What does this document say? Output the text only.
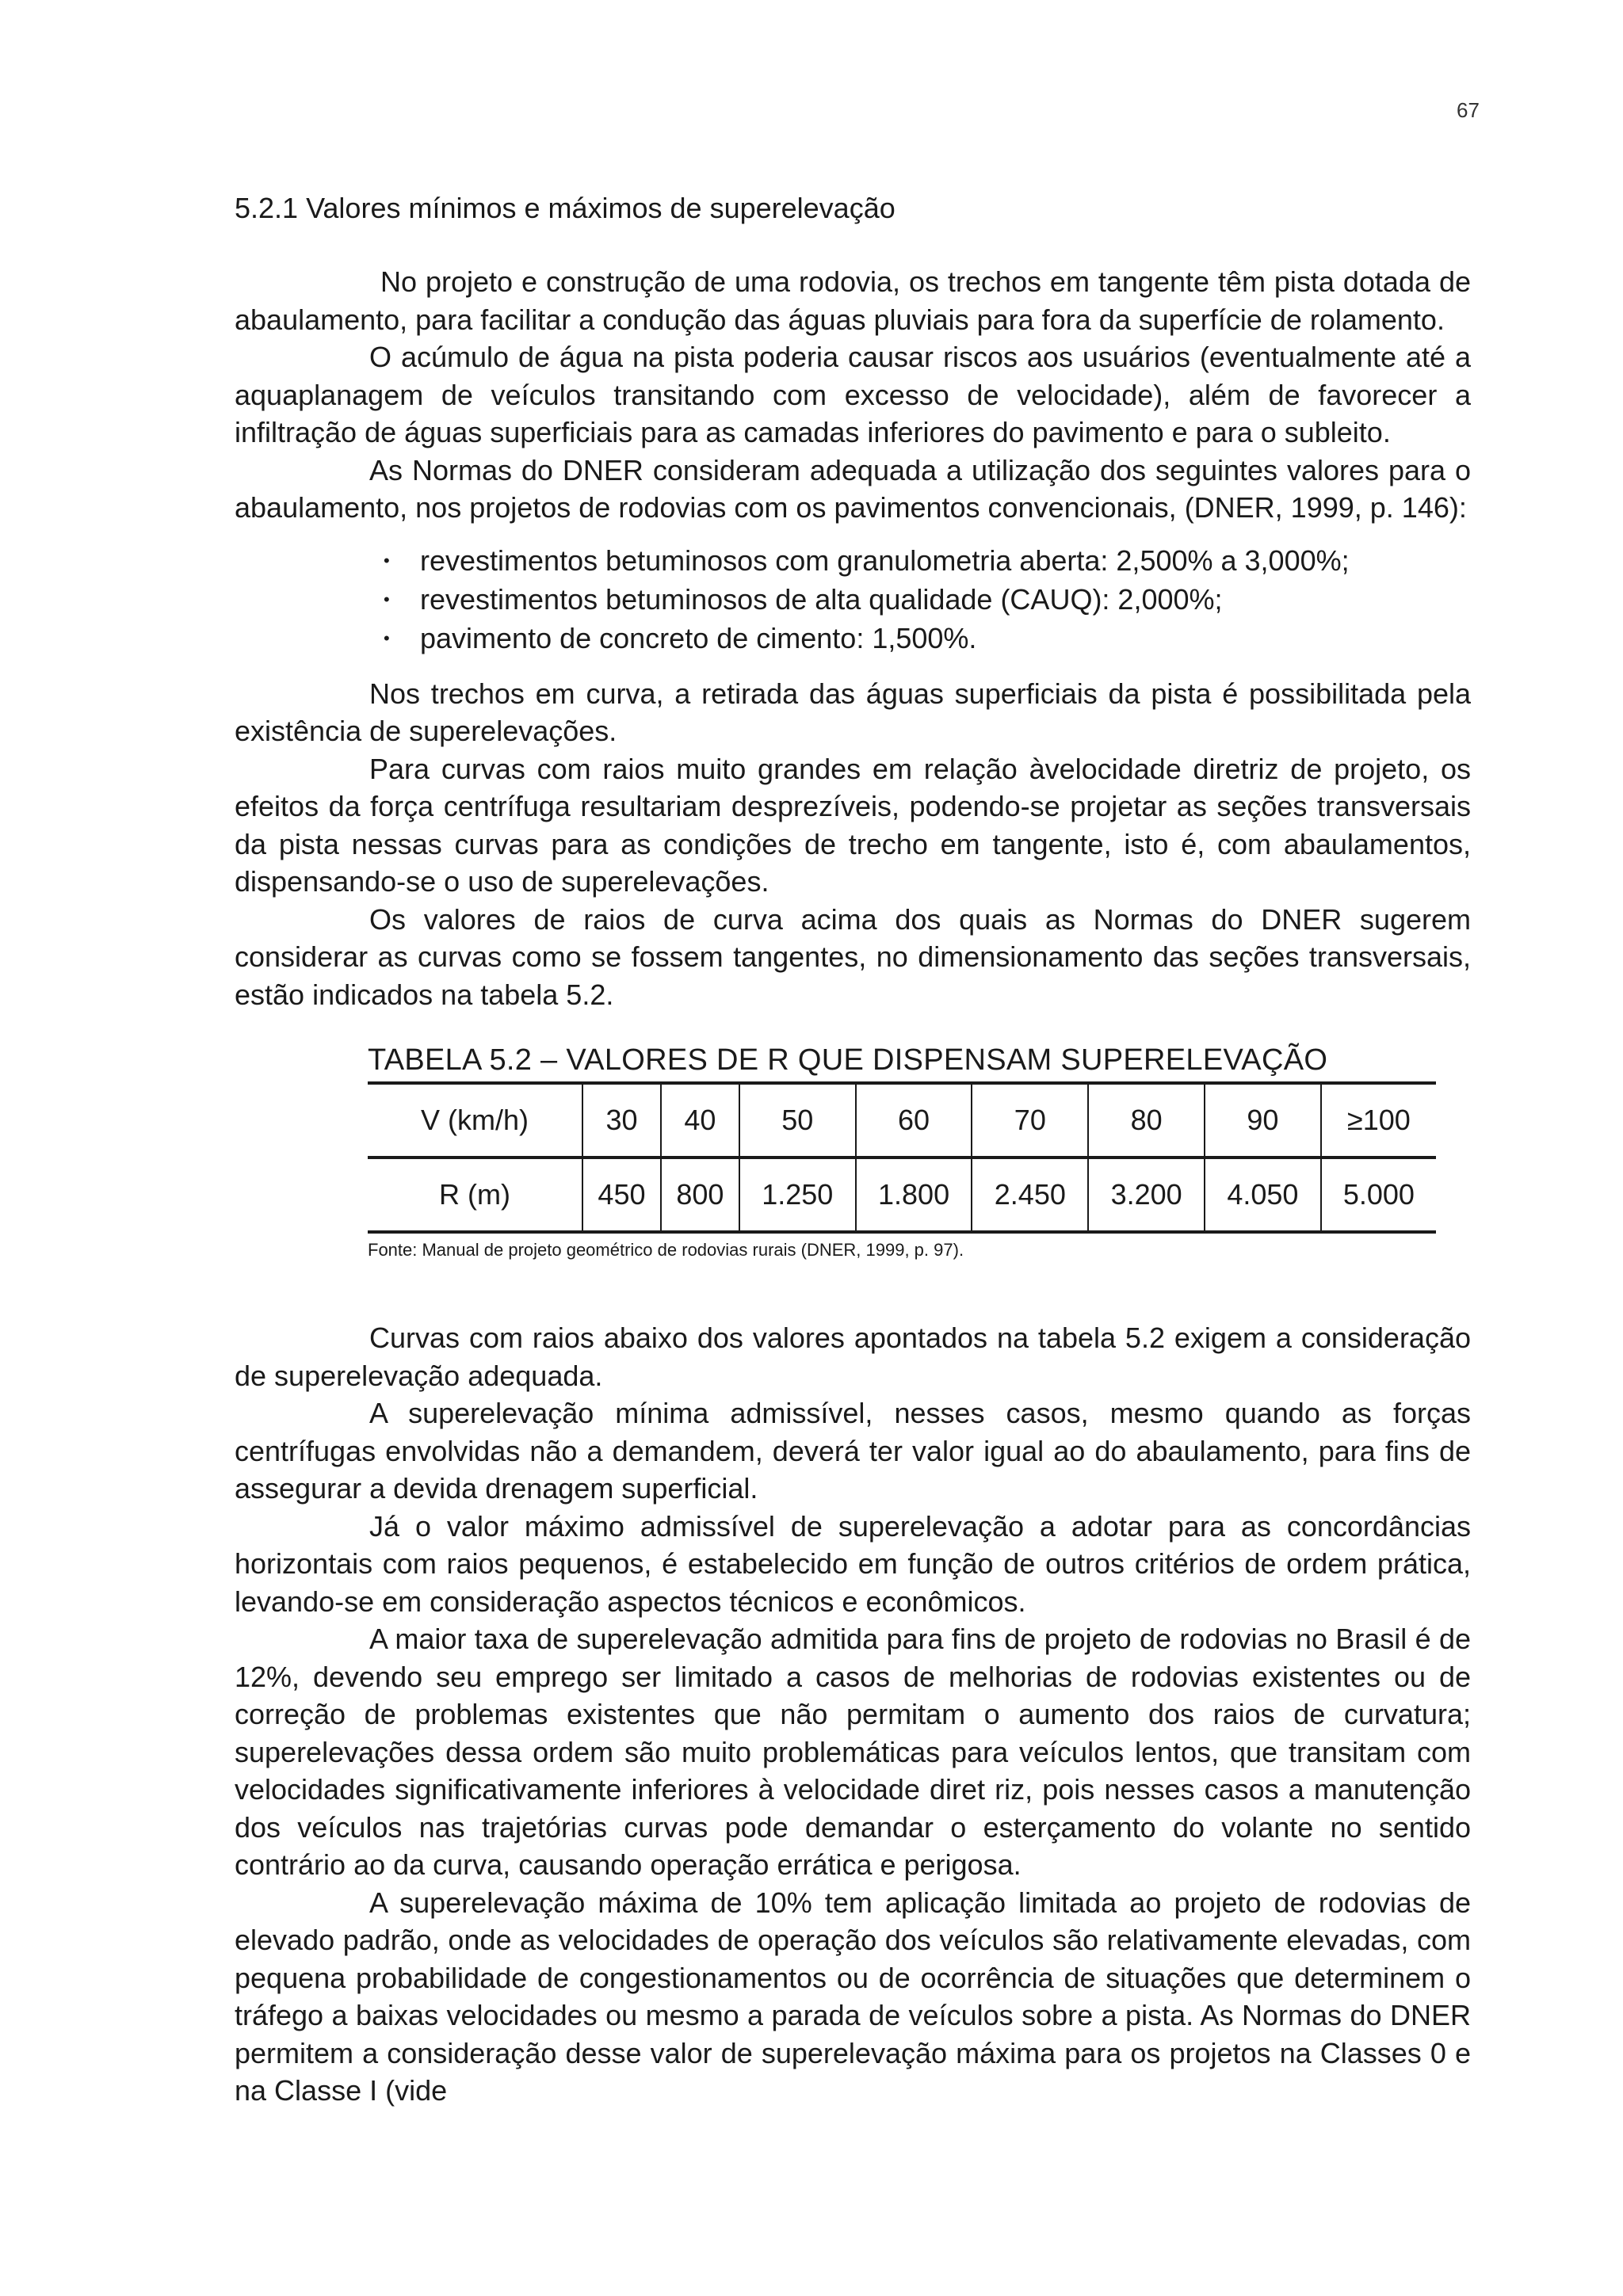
67
5.2.1 Valores mínimos e máximos de superelevação

No projeto e construção de uma rodovia, os trechos em tangente têm pista dotada de abaulamento, para facilitar a condução das águas pluviais para fora da superfície de rolamento.

O acúmulo de água na pista poderia causar riscos aos usuários (eventualmente até a aquaplanagem de veículos transitando com excesso de velocidade), além de favorecer a infiltração de águas superficiais para as camadas inferiores do pavimento e para o subleito.

As Normas do DNER consideram adequada a utilização dos seguintes valores para o abaulamento, nos projetos de rodovias com os pavimentos convencionais, (DNER, 1999, p. 146):

• revestimentos betuminosos com granulometria aberta: 2,500% a 3,000%;
• revestimentos betuminosos de alta qualidade (CAUQ): 2,000%;
• pavimento de concreto de cimento: 1,500%.

Nos trechos em curva, a retirada das águas superficiais da pista é possibilitada pela existência de superelevações.

Para curvas com raios muito grandes em relação àvelocidade diretriz de projeto, os efeitos da força centrífuga resultariam desprezíveis, podendo-se projetar as seções transversais da pista nessas curvas para as condições de trecho em tangente, isto é, com abaulamentos, dispensando-se o uso de superelevações.

Os valores de raios de curva acima dos quais as Normas do DNER sugerem considerar as curvas como se fossem tangentes, no dimensionamento das seções transversais, estão indicados na tabela 5.2.

TABELA 5.2 – VALORES DE R QUE DISPENSAM SUPERELEVAÇÃO
V (km/h)	30	40	50	60	70	80	90	≥100
R (m)	450	800	1.250	1.800	2.450	3.200	4.050	5.000
Fonte: Manual de projeto geométrico de rodovias rurais (DNER, 1999, p. 97).

Curvas com raios abaixo dos valores apontados na tabela 5.2 exigem a consideração de superelevação adequada.

A superelevação mínima admissível, nesses casos, mesmo quando as forças centrífugas envolvidas não a demandem, deverá ter valor igual ao do abaulamento, para fins de assegurar a devida drenagem superficial.

Já o valor máximo admissível de superelevação a adotar para as concordâncias horizontais com raios pequenos, é estabelecido em função de outros critérios de ordem prática, levando-se em consideração aspectos técnicos e econômicos.

A maior taxa de superelevação admitida para fins de projeto de rodovias no Brasil é de 12%, devendo seu emprego ser limitado a casos de melhorias de rodovias existentes ou de correção de problemas existentes que não permitam o aumento dos raios de curvatura; superelevações dessa ordem são muito problemáticas para veículos lentos, que transitam com velocidades significativamente inferiores à velocidade diret riz, pois nesses casos a manutenção dos veículos nas trajetórias curvas pode demandar o esterçamento do volante no sentido contrário ao da curva, causando operação errática e perigosa.

A superelevação máxima de 10% tem aplicação limitada ao projeto de rodovias de elevado padrão, onde as velocidades de operação dos veículos são relativamente elevadas, com pequena probabilidade de congestionamentos ou de ocorrência de situações que determinem o tráfego a baixas velocidades ou mesmo a parada de veículos sobre a pista. As Normas do DNER permitem a consideração desse valor de superelevação máxima para os projetos na Classes 0 e na Classe I (vide
